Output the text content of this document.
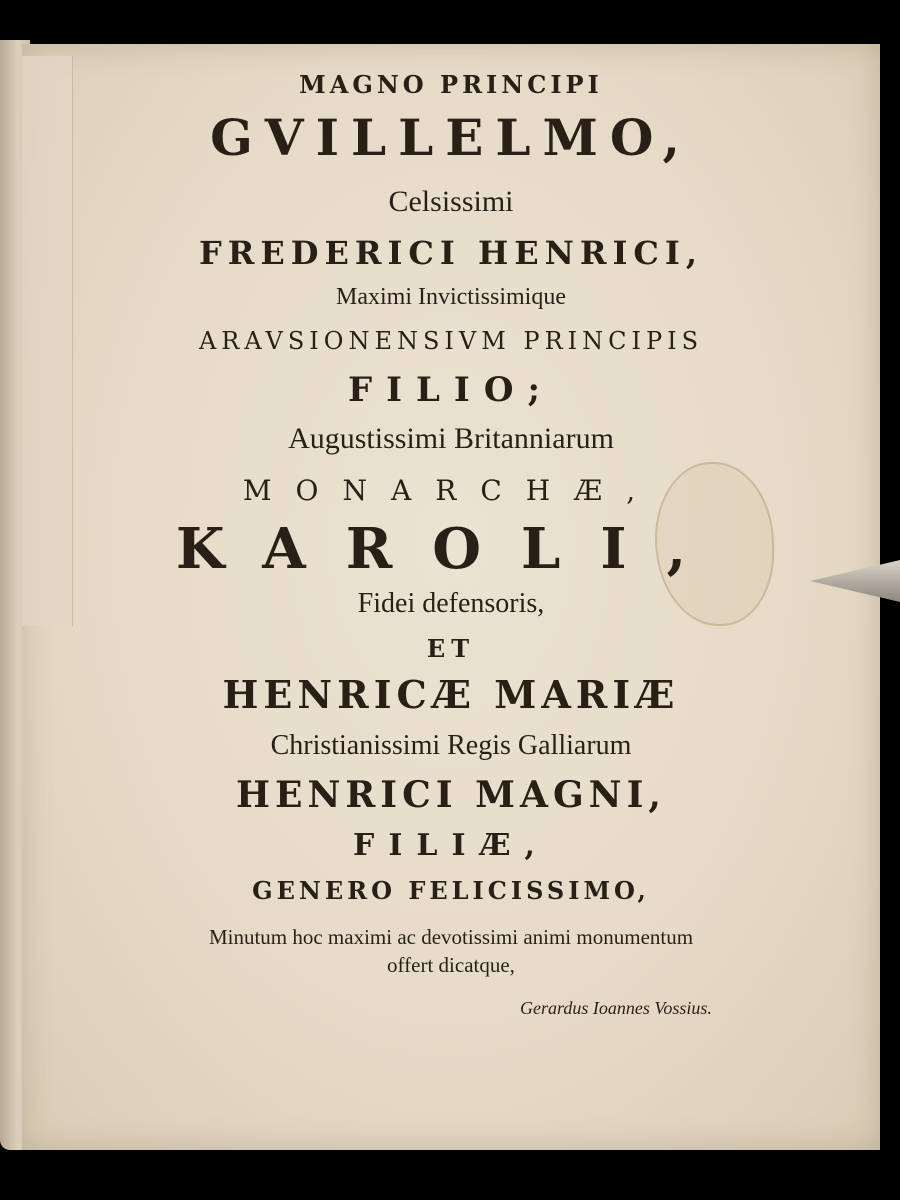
MAGNO PRINCIPI
GVILLELMO,
Celsissimi
FREDERICI HENRICI,
Maximi Invictissimique
ARAVSIONENSIVM PRINCIPIS
FILIO;
Augustissimi Britanniarum
MONARCHÆ,
KAROLI,
Fidei defensoris,
ET
HENRICÆ MARIÆ
Christianissimi Regis Galliarum
HENRICI MAGNI,
FILIÆ,
GENERO FELICISSIMO,
Minutum hoc maximi ac devotissimi animi monumentum
offert dicatque,
Gerardus Ioannes Vossius.
